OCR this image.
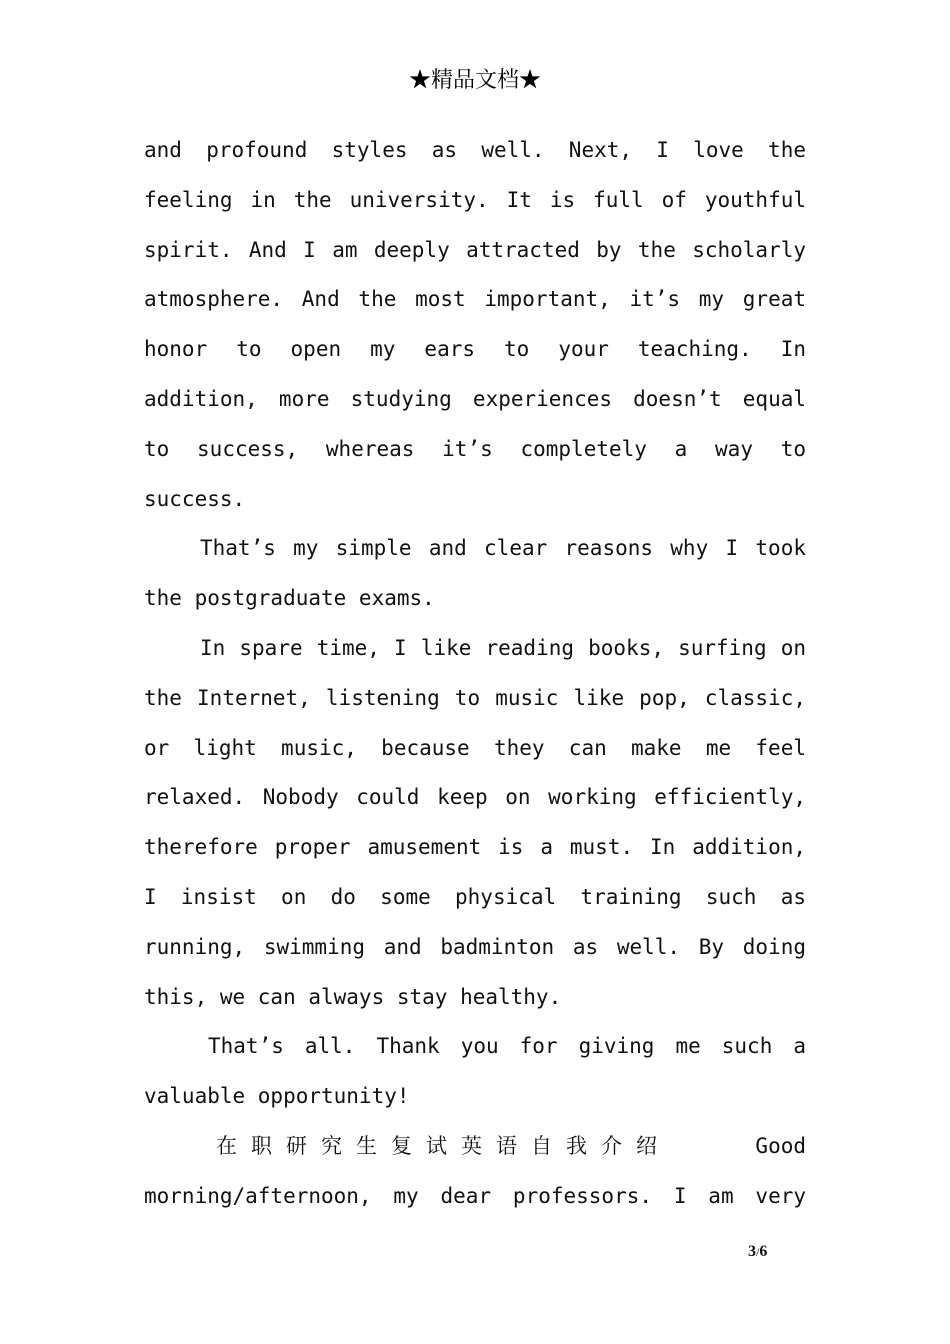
★精品文档★
and profound styles as well. Next, I love the
feeling in the university. It is full of youthful
spirit. And I am deeply attracted by the scholarly
atmosphere. And the most important, it’s my great
honor to open my ears to your teaching. In
addition, more studying experiences doesn’t equal
to success, whereas it’s completely a way to
success.
That’s my simple and clear reasons why I took
the postgraduate exams.
In spare time, I like reading books, surfing on
the Internet, listening to music like pop, classic,
or light music, because they can make me feel
relaxed. Nobody could keep on working efficiently,
therefore proper amusement is a must. In addition,
I insist on do some physical training such as
running, swimming and badminton as well. By doing
this, we can always stay healthy.
That’s all. Thank you for giving me such a
valuable opportunity!
在职研究生复试英语自我介绍	Good
morning/afternoon, my dear professors. I am very
3/6
